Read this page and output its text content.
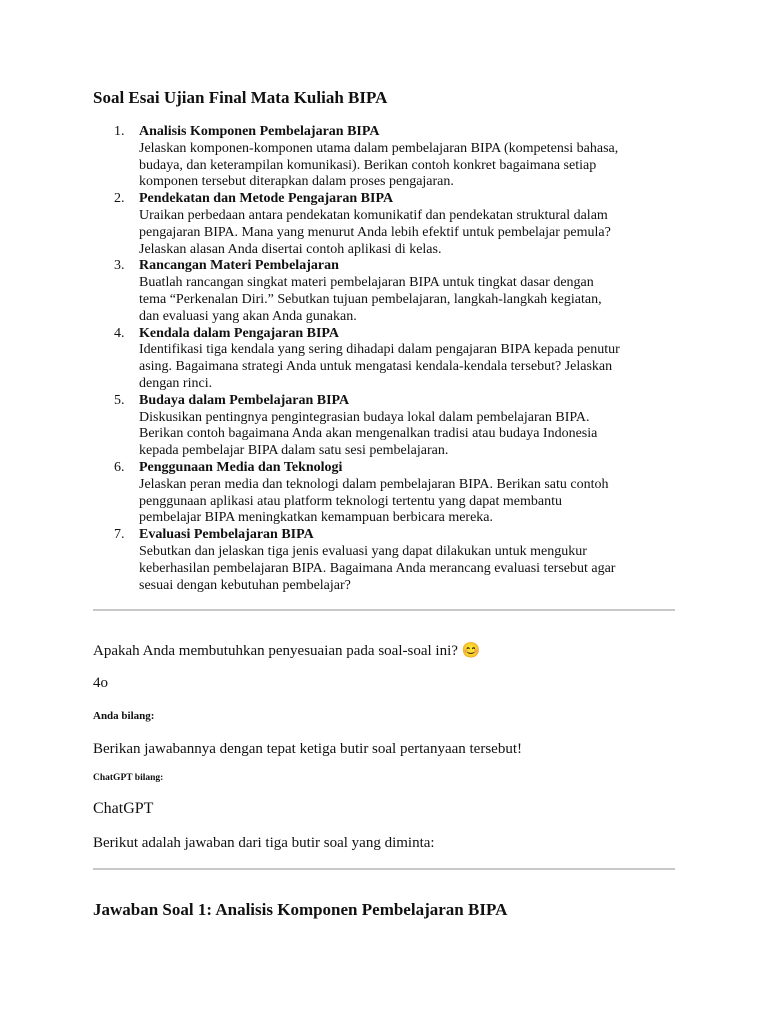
Soal Esai Ujian Final Mata Kuliah BIPA
1. Analisis Komponen Pembelajaran BIPA
Jelaskan komponen-komponen utama dalam pembelajaran BIPA (kompetensi bahasa,
budaya, dan keterampilan komunikasi). Berikan contoh konkret bagaimana setiap
komponen tersebut diterapkan dalam proses pengajaran.
2. Pendekatan dan Metode Pengajaran BIPA
Uraikan perbedaan antara pendekatan komunikatif dan pendekatan struktural dalam
pengajaran BIPA. Mana yang menurut Anda lebih efektif untuk pembelajar pemula?
Jelaskan alasan Anda disertai contoh aplikasi di kelas.
3. Rancangan Materi Pembelajaran
Buatlah rancangan singkat materi pembelajaran BIPA untuk tingkat dasar dengan
tema “Perkenalan Diri.” Sebutkan tujuan pembelajaran, langkah-langkah kegiatan,
dan evaluasi yang akan Anda gunakan.
4. Kendala dalam Pengajaran BIPA
Identifikasi tiga kendala yang sering dihadapi dalam pengajaran BIPA kepada penutur
asing. Bagaimana strategi Anda untuk mengatasi kendala-kendala tersebut? Jelaskan
dengan rinci.
5. Budaya dalam Pembelajaran BIPA
Diskusikan pentingnya pengintegrasian budaya lokal dalam pembelajaran BIPA.
Berikan contoh bagaimana Anda akan mengenalkan tradisi atau budaya Indonesia
kepada pembelajar BIPA dalam satu sesi pembelajaran.
6. Penggunaan Media dan Teknologi
Jelaskan peran media dan teknologi dalam pembelajaran BIPA. Berikan satu contoh
penggunaan aplikasi atau platform teknologi tertentu yang dapat membantu
pembelajar BIPA meningkatkan kemampuan berbicara mereka.
7. Evaluasi Pembelajaran BIPA
Sebutkan dan jelaskan tiga jenis evaluasi yang dapat dilakukan untuk mengukur
keberhasilan pembelajaran BIPA. Bagaimana Anda merancang evaluasi tersebut agar
sesuai dengan kebutuhan pembelajar?

Apakah Anda membutuhkan penyesuaian pada soal-soal ini? 😊

4o

Anda bilang:

Berikan jawabannya dengan tepat ketiga butir soal pertanyaan tersebut!

ChatGPT bilang:

ChatGPT

Berikut adalah jawaban dari tiga butir soal yang diminta:

Jawaban Soal 1: Analisis Komponen Pembelajaran BIPA
